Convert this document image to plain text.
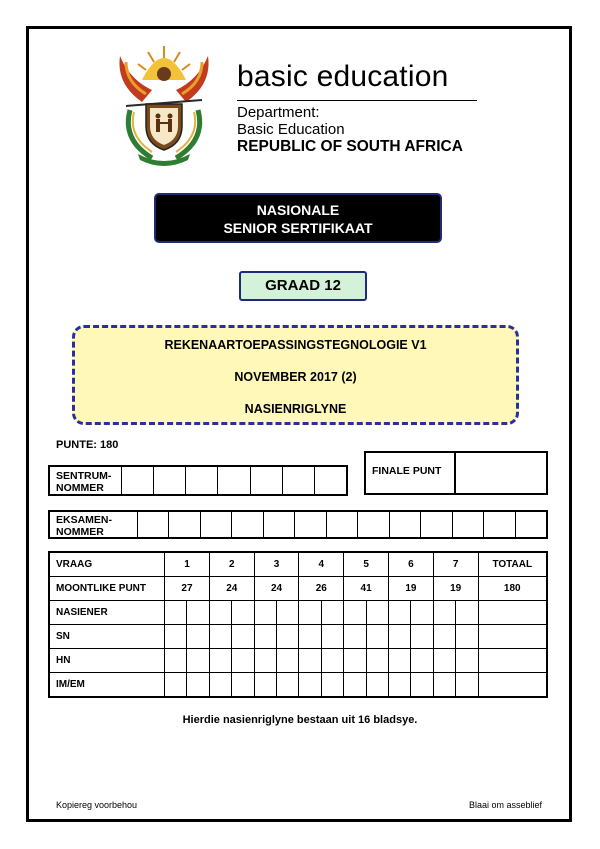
basic education
Department:
Basic Education
REPUBLIC OF SOUTH AFRICA
NASIONALE
SENIOR SERTIFIKAAT
GRAAD 12
REKENAARTOEPASSINGSTEGNOLOGIE V1
NOVEMBER 2017 (2)
NASIENRIGLYNE
PUNTE: 180
SENTRUM-
NOMMER
FINALE PUNT
EKSAMEN-
NOMMER
VRAAG	1		2		3		4		5		6		7		TOTAAL
MOONTLIKE PUNT	27		24		24		26		41		19		19		180
NASIENER															
SN															
HN															
IM/EM															
Hierdie nasienriglyne bestaan uit 16 bladsye.
Kopiereg voorbehou	Blaai om asseblief
